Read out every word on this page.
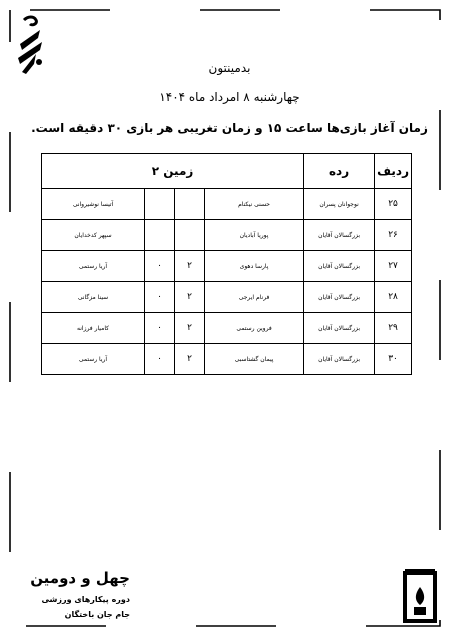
بدمینتون
چهارشنبه ۸ امرداد ماه ۱۴۰۴
زمان آغاز بازی‌ها ساعت ۱۵ و زمان تغریبی هر بازی ۳۰ دقیقه است.
ردیف	رده	زمین ۲			
۲۵	نوجوانان پسران	حسنی نیکنام			آتیسا نوشیروانی
۲۶	بزرگسالان آقایان	پوریا آبادیان			سپهر کدخدایان
۲۷	بزرگسالان آقایان	پارسا دهوی	۲	۰	آریا رستمی
۲۸	بزرگسالان آقایان	فرنام ایرجی	۲	۰	سینا مزگانی
۲۹	بزرگسالان آقایان	فروین رستمی	۲	۰	کامیار فرزانه
۳۰	بزرگسالان آقایان	پیمان گشتاسبی	۲	۰	آریا رستمی
چهل و دومین
دوره پیکارهای ورزشی
جام جان باختگان
